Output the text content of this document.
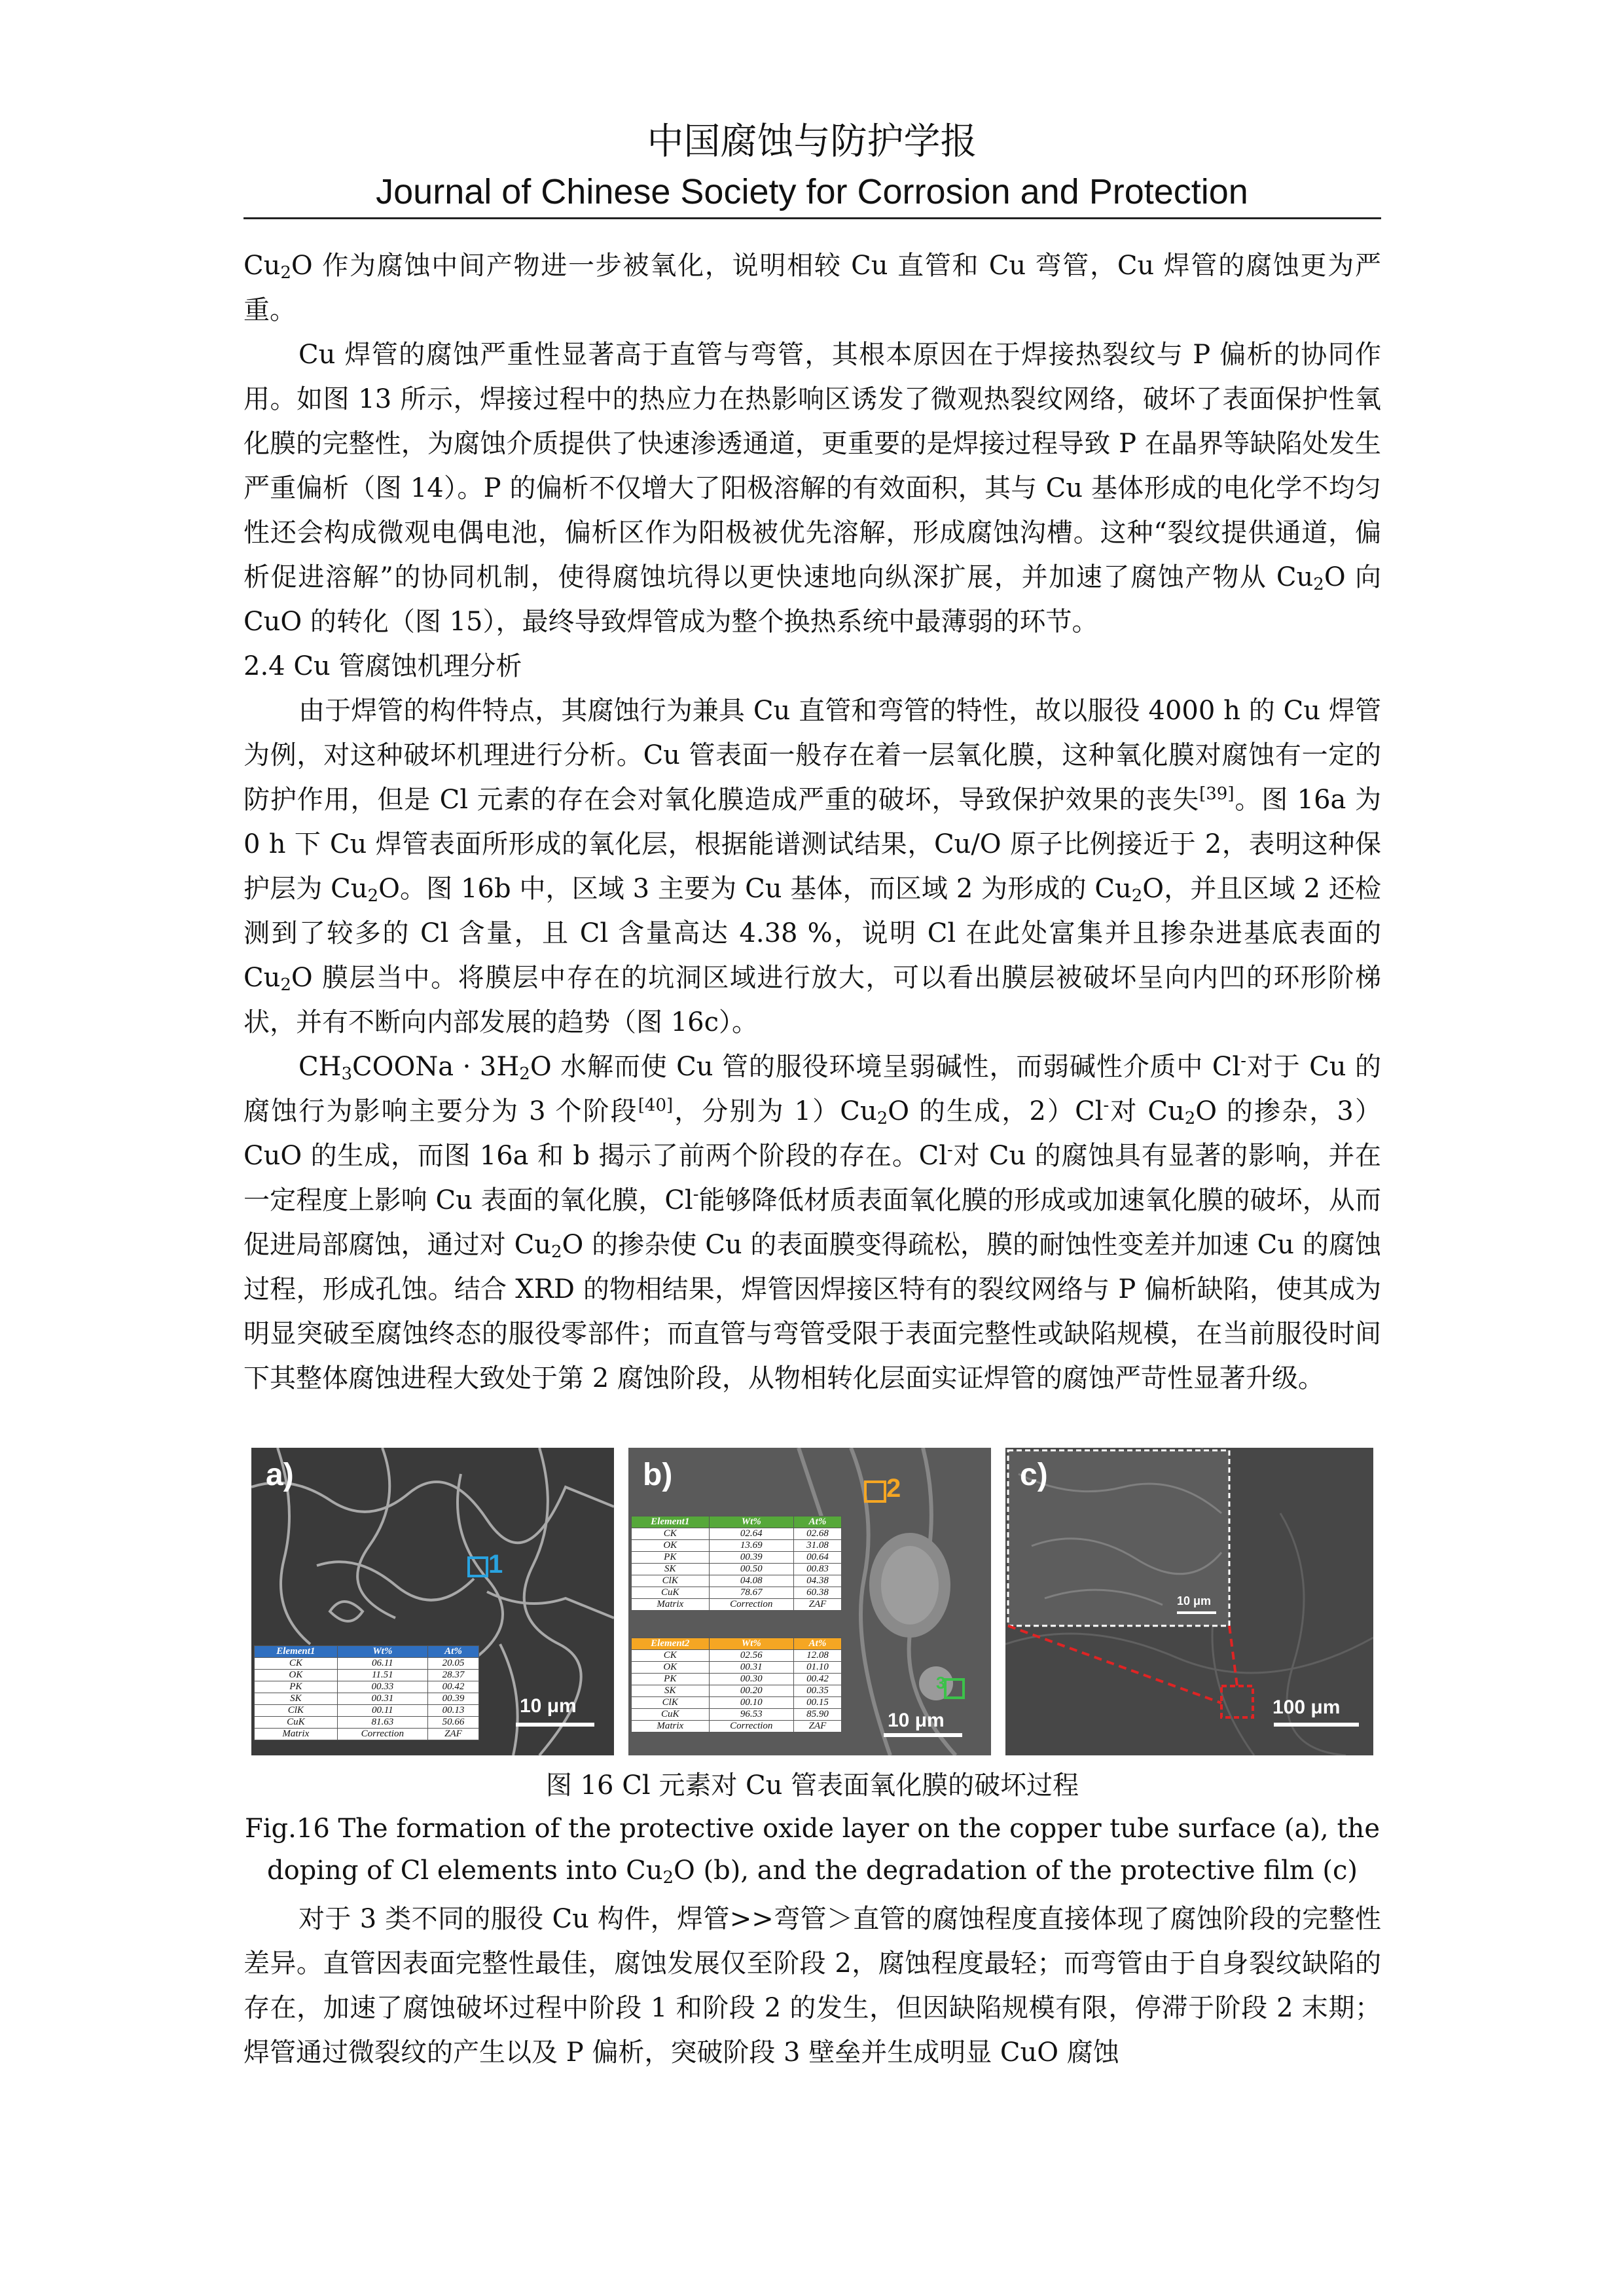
中国腐蚀与防护学报
Journal of Chinese Society for Corrosion and Protection

$Cu_2O$ 作为腐蚀中间产物进一步被氧化，说明相较 Cu 直管和 Cu 弯管，Cu 焊管的腐蚀更为严重。

Cu 焊管的腐蚀严重性显著高于直管与弯管，其根本原因在于焊接热裂纹与 P 偏析的协同作用。如图 13 所示，焊接过程中的热应力在热影响区诱发了微观热裂纹网络，破坏了表面保护性氧化膜的完整性，为腐蚀介质提供了快速渗透通道，更重要的是焊接过程导致 P 在晶界等缺陷处发生严重偏析（图 14）。P 的偏析不仅增大了阳极溶解的有效面积，其与 Cu 基体形成的电化学不均匀性还会构成微观电偶电池，偏析区作为阳极被优先溶解，形成腐蚀沟槽。这种“裂纹提供通道，偏析促进溶解”的协同机制，使得腐蚀坑得以更快速地向纵深扩展，并加速了腐蚀产物从 $Cu_2O$ 向 CuO 的转化（图 15），最终导致焊管成为整个换热系统中最薄弱的环节。

2.4 Cu 管腐蚀机理分析

由于焊管的构件特点，其腐蚀行为兼具 Cu 直管和弯管的特性，故以服役 4000 h 的 Cu 焊管为例，对这种破坏机理进行分析。Cu 管表面一般存在着一层氧化膜，这种氧化膜对腐蚀有一定的防护作用，但是 Cl 元素的存在会对氧化膜造成严重的破坏，导致保护效果的丧失[39]。图 16a 为 0 h 下 Cu 焊管表面所形成的氧化层，根据能谱测试结果，Cu/O 原子比例接近于 2，表明这种保护层为 $Cu_2O$。图 16b 中，区域 3 主要为 Cu 基体，而区域 2 为形成的 $Cu_2O$，并且区域 2 还检测到了较多的 Cl 含量，且 Cl 含量高达 4.38 %，说明 Cl 在此处富集并且掺杂进基底表面的 $Cu_2O$ 膜层当中。将膜层中存在的坑洞区域进行放大，可以看出膜层被破坏呈向内凹的环形阶梯状，并有不断向内部发展的趋势（图 16c）。

$CH_3COONa \cdot 3H_2O$ 水解而使 Cu 管的服役环境呈弱碱性，而弱碱性介质中 Cl-对于 Cu 的腐蚀行为影响主要分为 3 个阶段[40]，分别为 $1)Cu_2O$ 的生成，2）Cl-对 $Cu_2O$ 的掺杂，3）CuO 的生成，而图 16a 和 b 揭示了前两个阶段的存在。Cl-对 Cu 的腐蚀具有显著的影响，并在一定程度上影响 Cu 表面的氧化膜，Cl-能够降低材质表面氧化膜的形成或加速氧化膜的破坏，从而促进局部腐蚀，通过对 $Cu_2O$ 的掺杂使 Cu 的表面膜变得疏松，膜的耐蚀性变差并加速 Cu 的腐蚀过程，形成孔蚀。结合 XRD 的物相结果，焊管因焊接区特有的裂纹网络与 P 偏析缺陷，使其成为明显突破至腐蚀终态的服役零部件；而直管与弯管受限于表面完整性或缺陷规模，在当前服役时间下其整体腐蚀进程大致处于第 2 腐蚀阶段，从物相转化层面实证焊管的腐蚀严苛性显著升级。

a)
1
Element1	Wt%	At%
CK	06.11	20.05
OK	11.51	28.37
PK	00.33	00.42
SK	00.31	00.39
ClK	00.11	00.13
CuK	81.63	50.66
Matrix	Correction	ZAF
10 μm
b)	2
3
Element1	Wt%	At%
CK	02.64	02.68
OK	13.69	31.08
PK	00.39	00.64
SK	00.50	00.83
ClK	04.08	04.38
CuK	78.67	60.38
Matrix	Correction	ZAF
Element2	Wt%	At%
CK	02.56	12.08
OK	00.31	01.10
PK	00.30	00.42
SK	00.20	00.35
ClK	00.10	00.15
CuK	96.53	85.90
Matrix	Correction	ZAF	10 μm
c)
10 μm
100 μm
图 16 Cl 元素对 Cu 管表面氧化膜的破坏过程
Fig.16 The formation of the protective oxide layer on the copper tube surface (a), the doping of Cl elements into $Cu_2O$ (b), and the degradation of the protective film (c)

对于 3 类不同的服役 Cu 构件，焊管>>弯管＞直管的腐蚀程度直接体现了腐蚀阶段的完整性差异。直管因表面完整性最佳，腐蚀发展仅至阶段 2，腐蚀程度最轻；而弯管由于自身裂纹缺陷的存在，加速了腐蚀破坏过程中阶段 1 和阶段 2 的发生，但因缺陷规模有限，停滞于阶段 2 末期；焊管通过微裂纹的产生以及 P 偏析，突破阶段 3 壁垒并生成明显 CuO 腐蚀
